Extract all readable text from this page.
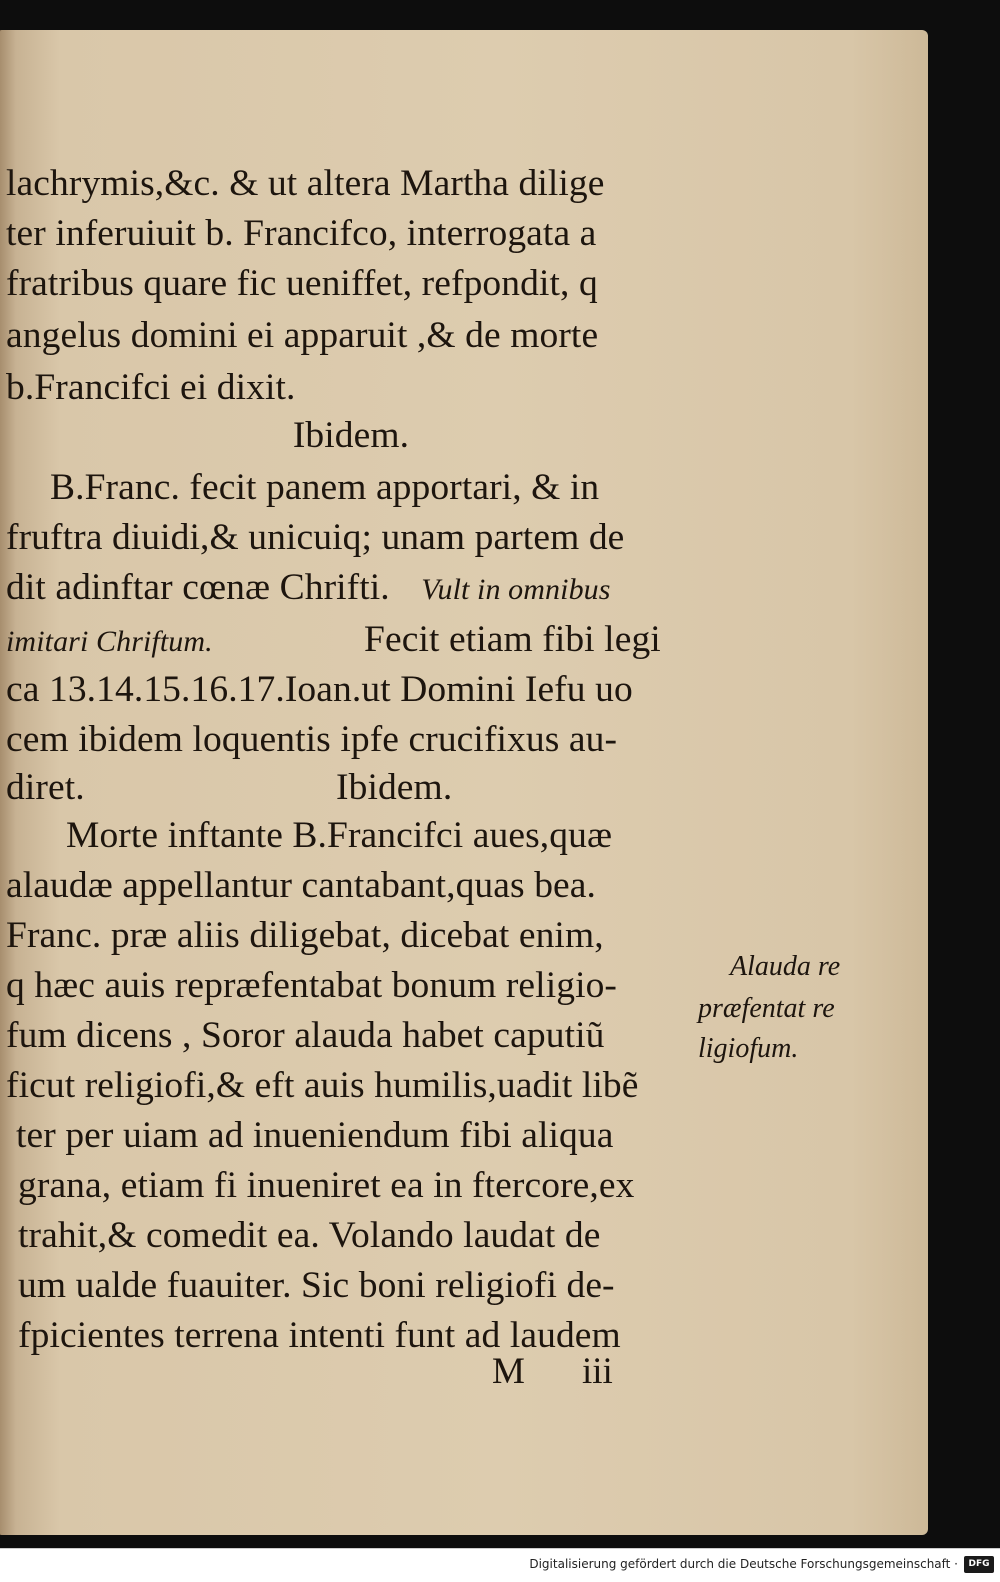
lachrymis,&c. & ut altera Martha dilige
ter inferuiuit b. Francifco, interrogata a
fratribus quare fic ueniffet, refpondit, q
angelus domini ei apparuit ,& de morte
b.Francifci ei dixit.
Ibidem.
B.Franc. fecit panem apportari, & in
fruftra diuidi,& unicuiq; unam partem de
dit adinftar cœnæ Chrifti. Vult in omnibus
imitari Chriftum.	Fecit etiam fibi legi
ca 13.14.15.16.17.Ioan.ut Domini Iefu uo
cem ibidem loquentis ipfe crucifixus au-
diret.	Ibidem.
Morte inftante B.Francifci aues,quæ
alaudæ appellantur cantabant,quas bea.
Franc. præ aliis diligebat, dicebat enim,
q hæc auis repræfentabat bonum religio-
fum dicens , Soror alauda habet caputiũ
ficut religiofi,& eft auis humilis,uadit libẽ
ter per uiam ad inueniendum fibi aliqua
grana, etiam fi inueniret ea in ftercore,ex
trahit,& comedit ea. Volando laudat de
um ualde fuauiter. Sic boni religiofi de-
fpicientes terrena intenti funt ad laudem
M iii
Alauda re
præfentat re
ligiofum.
Digitalisierung gefördert durch die Deutsche Forschungsgemeinschaft ·	DFG
